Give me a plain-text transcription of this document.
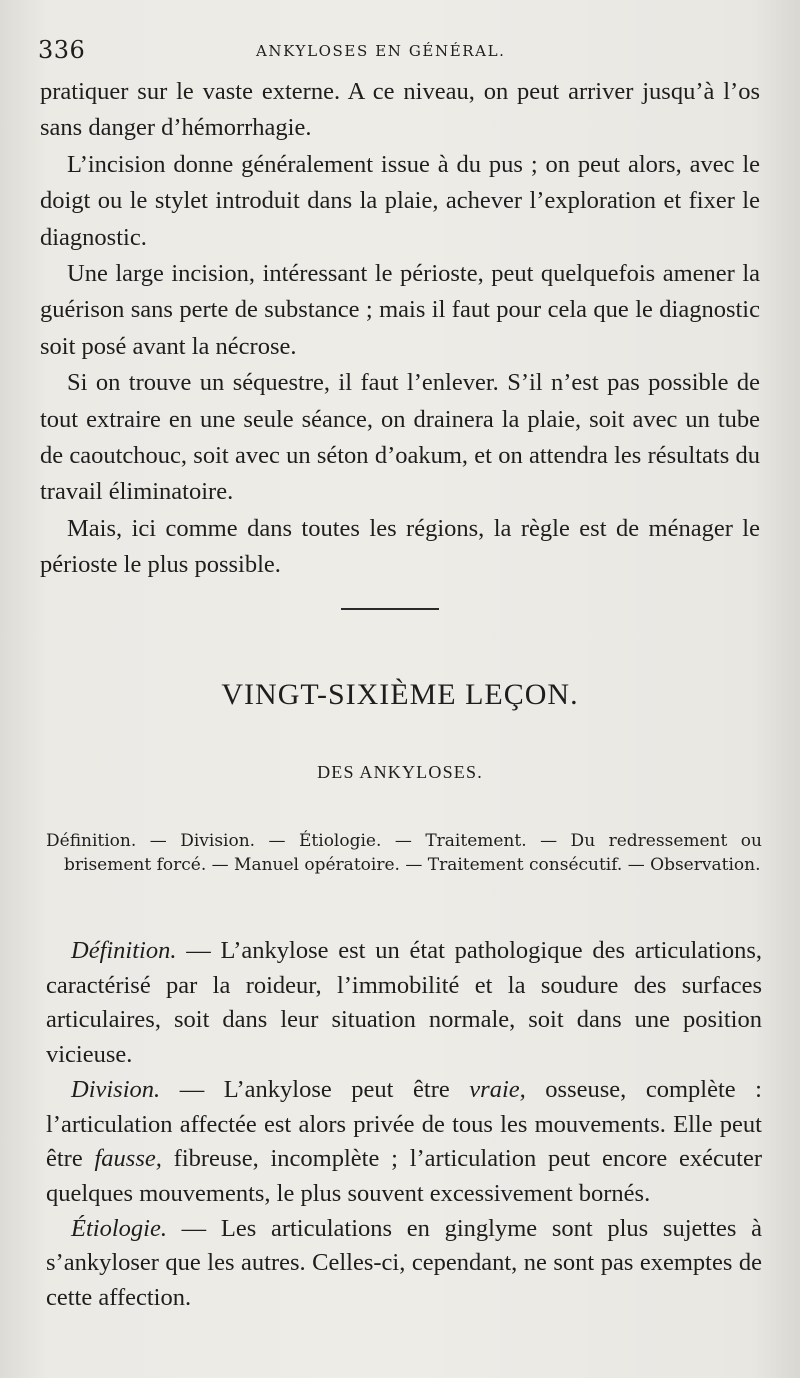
336	ANKYLOSES EN GÉNÉRAL.

pratiquer sur le vaste externe. A ce niveau, on peut arriver jusqu’à l’os sans danger d’hémorrhagie.

L’incision donne généralement issue à du pus ; on peut alors, avec le doigt ou le stylet introduit dans la plaie, achever l’exploration et fixer le diagnostic.

Une large incision, intéressant le périoste, peut quelquefois amener la guérison sans perte de substance ; mais il faut pour cela que le diagnostic soit posé avant la nécrose.

Si on trouve un séquestre, il faut l’enlever. S’il n’est pas possible de tout extraire en une seule séance, on drainera la plaie, soit avec un tube de caoutchouc, soit avec un séton d’oakum, et on attendra les résultats du travail éliminatoire.

Mais, ici comme dans toutes les régions, la règle est de ménager le périoste le plus possible.

VINGT-SIXIÈME LEÇON.
DES ANKYLOSES.
Définition. — Division. — Étiologie. — Traitement. — Du redressement ou brisement forcé. — Manuel opératoire. — Traitement consécutif. — Observation.

Définition. — L’ankylose est un état pathologique des articulations, caractérisé par la roideur, l’immobilité et la soudure des surfaces articulaires, soit dans leur situation normale, soit dans une position vicieuse.

Division. — L’ankylose peut être vraie, osseuse, complète : l’articulation affectée est alors privée de tous les mouvements. Elle peut être fausse, fibreuse, incomplète ; l’articulation peut encore exécuter quelques mouvements, le plus souvent excessivement bornés.

Étiologie. — Les articulations en ginglyme sont plus sujettes à s’ankyloser que les autres. Celles-ci, cependant, ne sont pas exemptes de cette affection.
